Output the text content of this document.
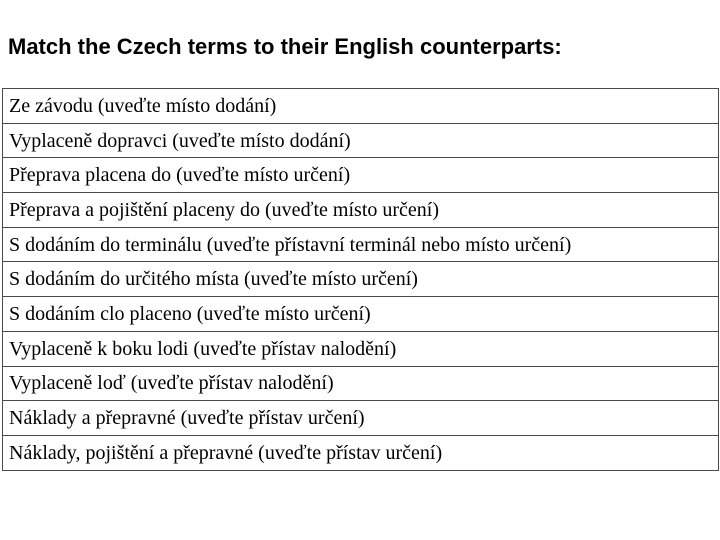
Match the Czech terms to their English counterparts:
Ze závodu (uveďte místo dodání)
Vyplaceně dopravci (uveďte místo dodání)
Přeprava placena do (uveďte místo určení)
Přeprava a pojištění placeny do (uveďte místo určení)
S dodáním do terminálu (uveďte přístavní terminál nebo místo určení)
S dodáním do určitého místa (uveďte místo určení)
S dodáním clo placeno (uveďte místo určení)
Vyplaceně k boku lodi (uveďte přístav nalodění)
Vyplaceně loď (uveďte přístav nalodění)
Náklady a přepravné (uveďte přístav určení)
Náklady, pojištění a přepravné (uveďte přístav určení)
